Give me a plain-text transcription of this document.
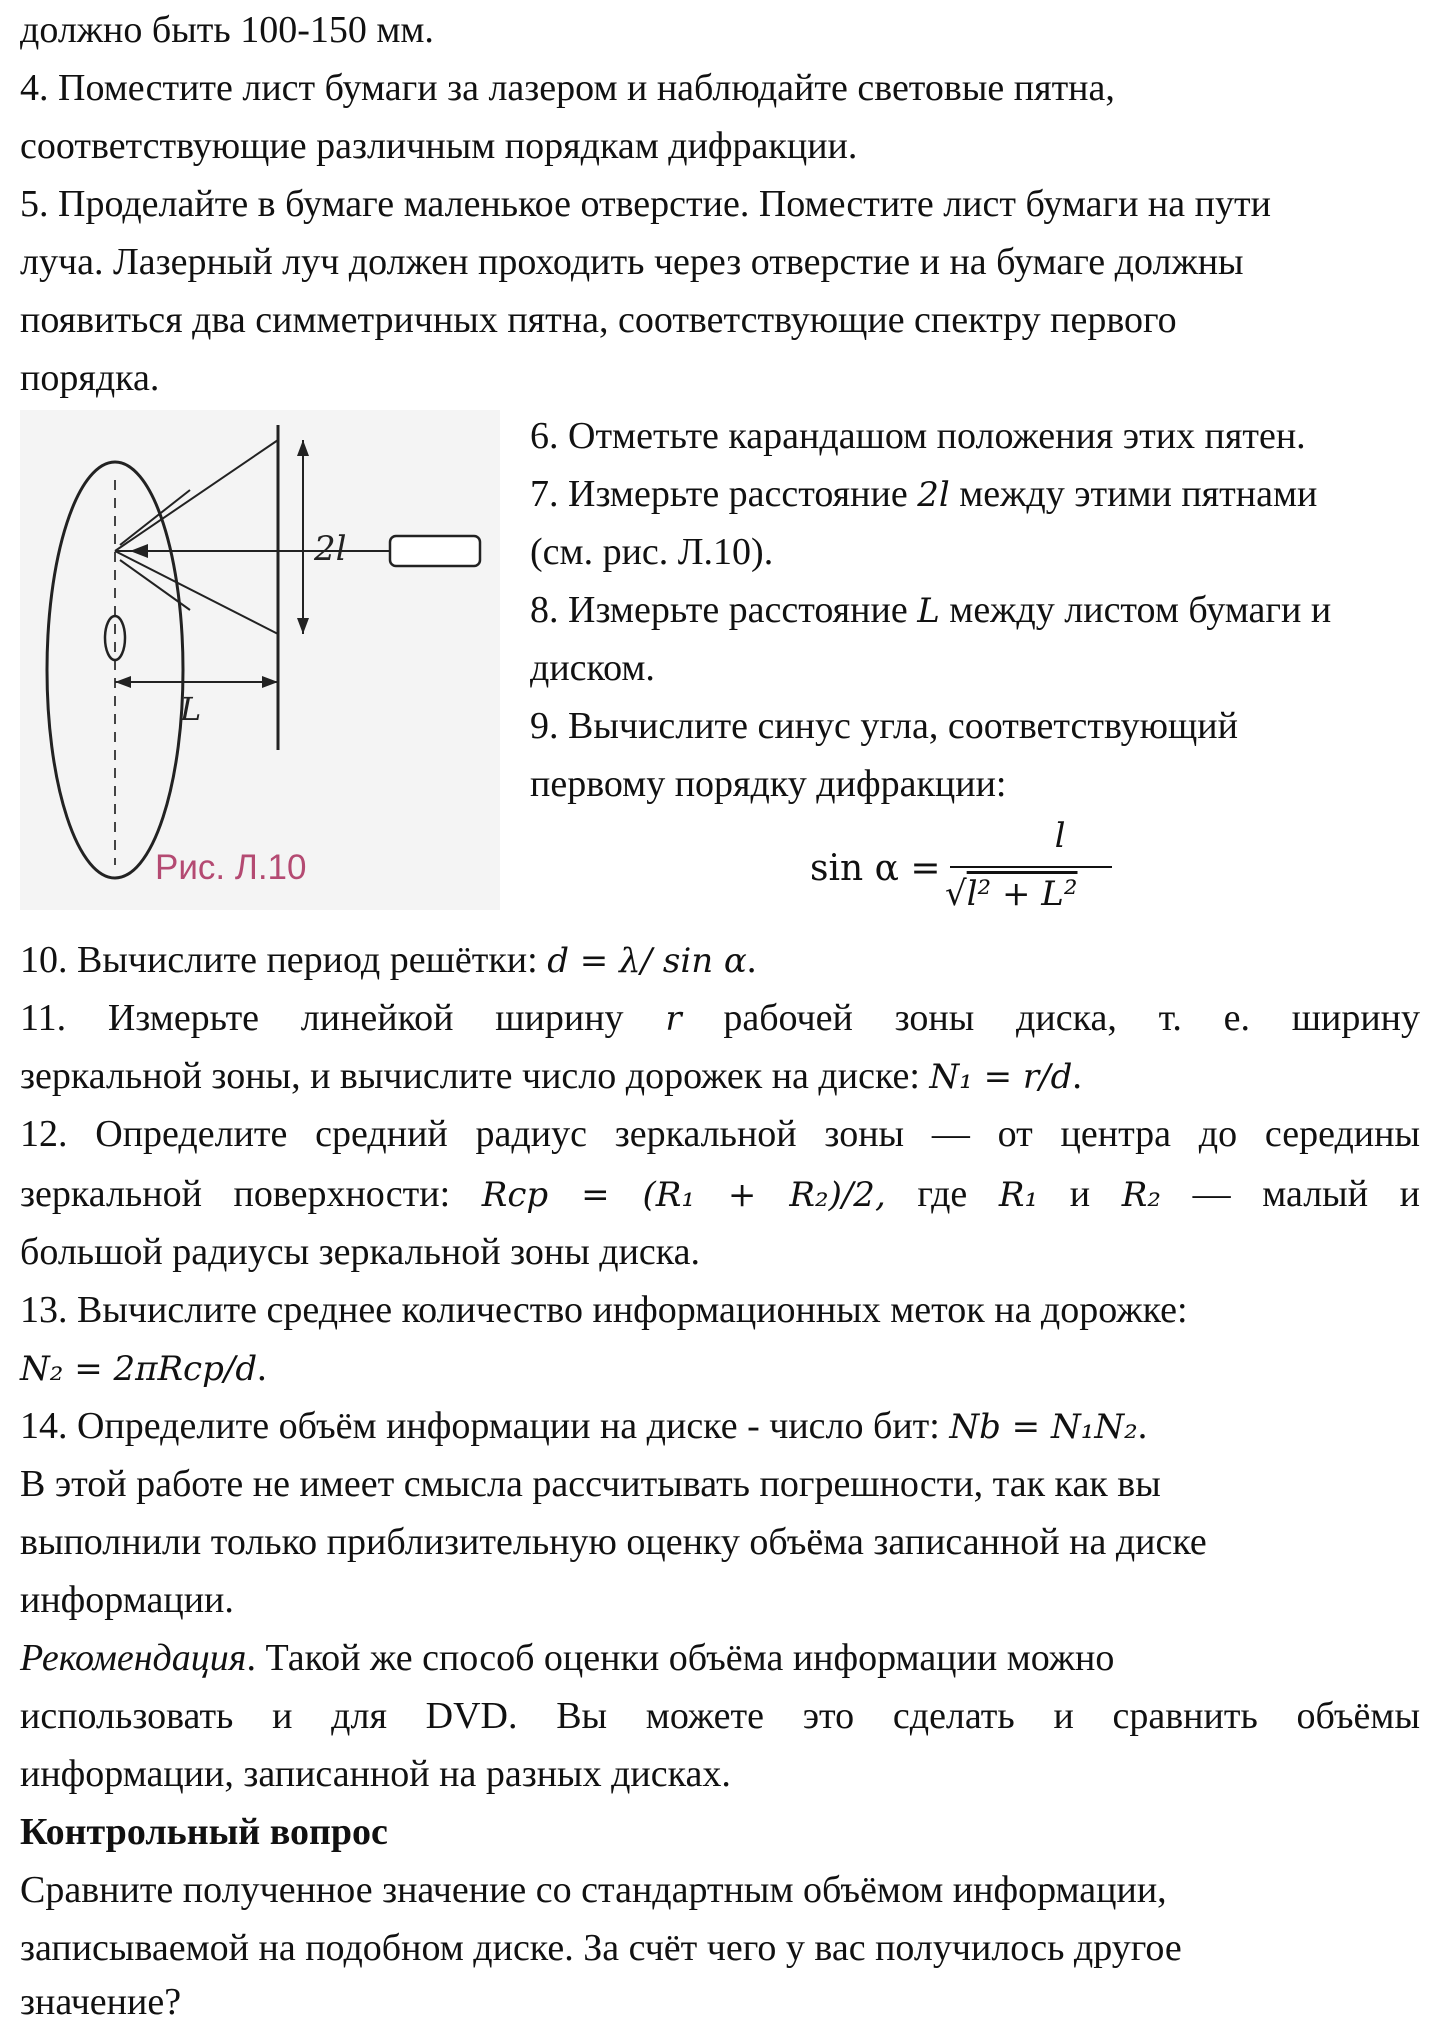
должно быть 100-150 мм.
4. Поместите лист бумаги за лазером и наблюдайте световые пятна,
соответствующие различным порядкам дифракции.
5. Проделайте в бумаге маленькое отверстие. Поместите лист бумаги на пути
луча. Лазерный луч должен проходить через отверстие и на бумаге должны
появиться два симметричных пятна, соответствующие спектру первого
порядка.
2l
L
Рис. Л.10
6. Отметьте карандашом положения этих пятен.
7. Измерьте расстояние 2l между этими пятнами
(см. рис. Л.10).
8. Измерьте расстояние L между листом бумаги и
диском.
9. Вычислите синус угла, соответствующий
первому порядку дифракции:
sin α =
l
√l² + L²
10. Вычислите период решётки: d = λ/ sin α.
11. Измерьте линейкой ширину r рабочей зоны диска, т. е. ширину
зеркальной зоны, и вычислите число дорожек на диске: N₁ = r/d.
12. Определите средний радиус зеркальной зоны — от центра до середины
зеркальной поверхности: Rср = (R₁ + R₂)/2, где R₁ и R₂ — малый и
большой радиусы зеркальной зоны диска.
13. Вычислите среднее количество информационных меток на дорожке:
N₂ = 2πRср/d.
14. Определите объём информации на диске - число бит: Nb = N₁N₂.
В этой работе не имеет смысла рассчитывать погрешности, так как вы
выполнили только приблизительную оценку объёма записанной на диске
информации.
Рекомендация. Такой же способ оценки объёма информации можно
использовать и для DVD. Вы можете это сделать и сравнить объёмы
информации, записанной на разных дисках.
Контрольный вопрос
Сравните полученное значение со стандартным объёмом информации,
записываемой на подобном диске. За счёт чего у вас получилось другое
значение?
